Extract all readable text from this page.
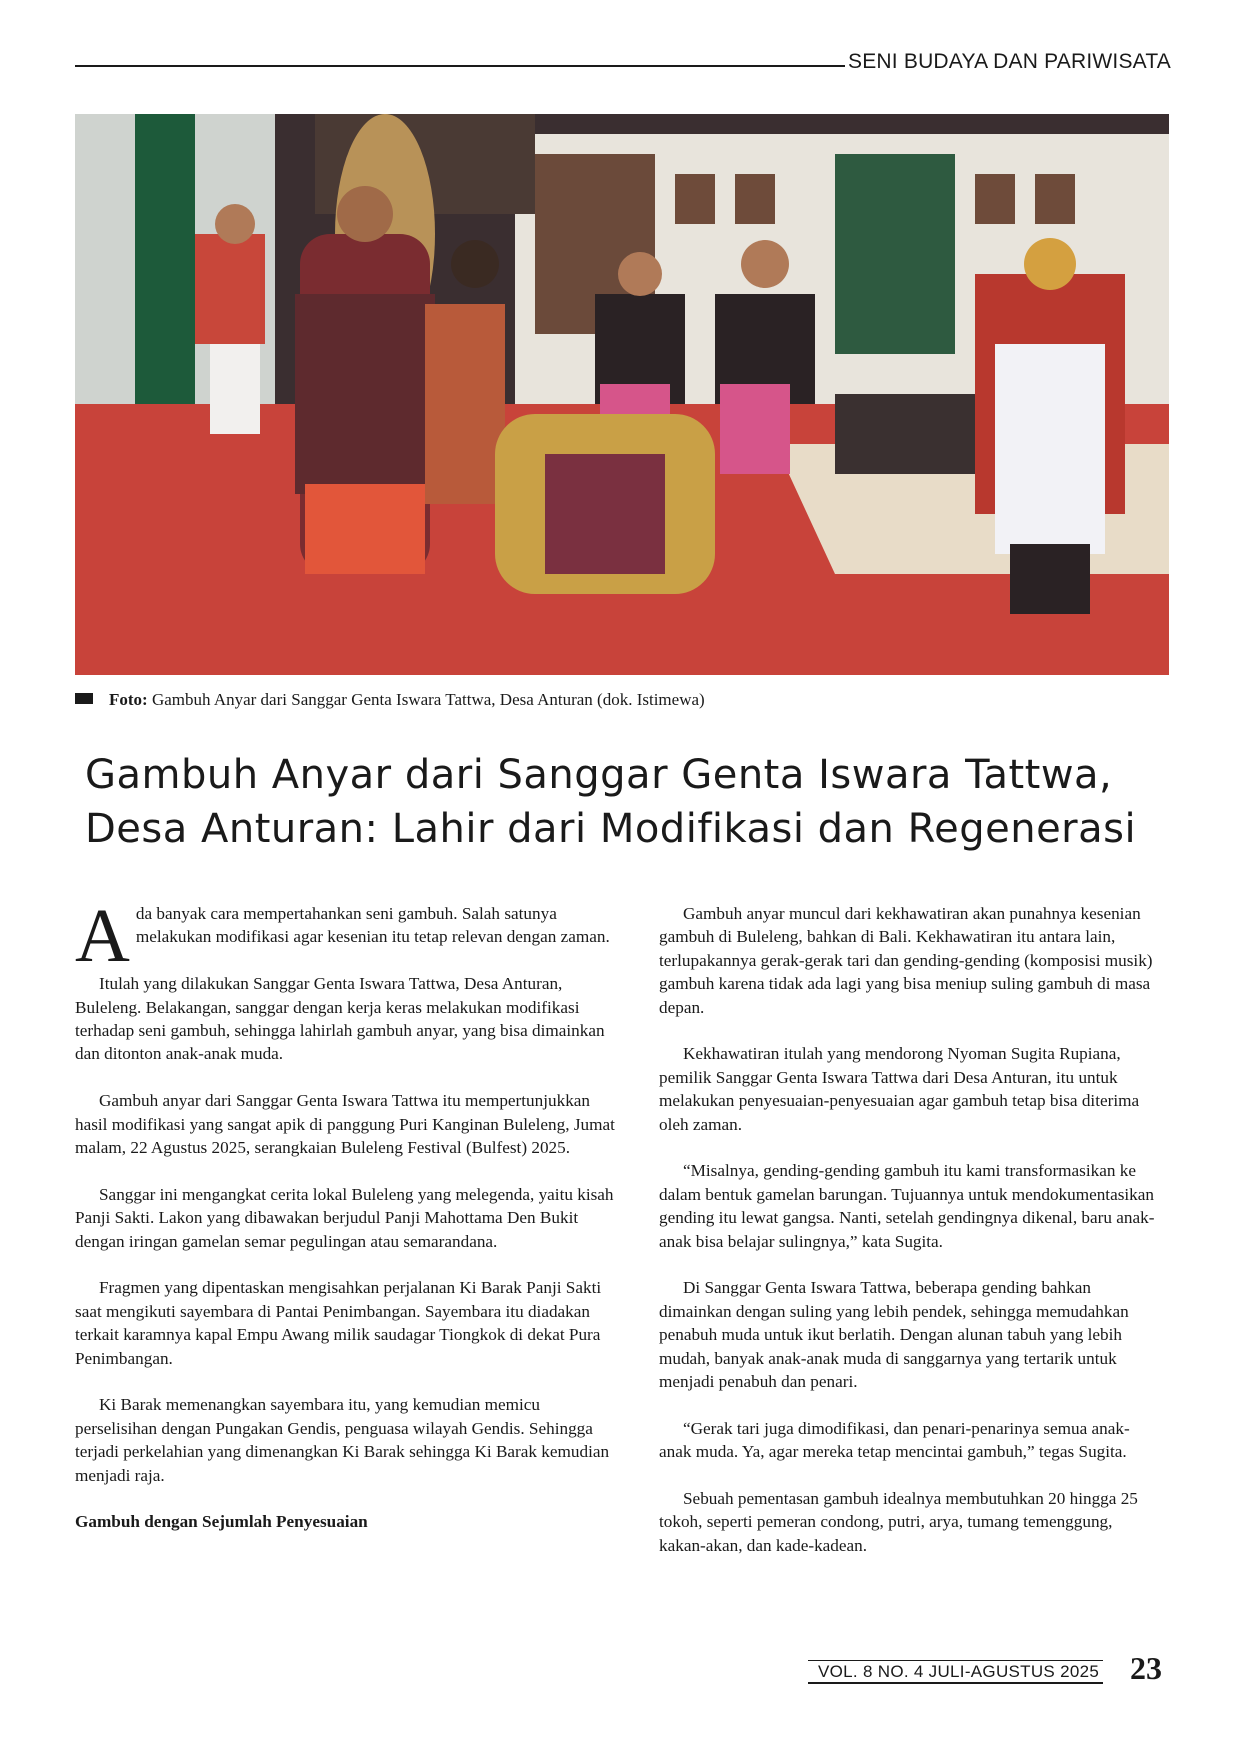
SENI BUDAYA DAN PARIWISATA
Foto: Gambuh Anyar dari Sanggar Genta Iswara Tattwa, Desa Anturan (dok. Istimewa)
Gambuh Anyar dari Sanggar Genta Iswara Tattwa,
Desa Anturan: Lahir dari Modifikasi dan Regenerasi

Ada banyak cara mempertahankan seni gambuh. Salah satunya melakukan modifikasi agar kesenian itu tetap relevan dengan zaman.

Itulah yang dilakukan Sanggar Genta Iswara Tattwa, Desa Anturan, Buleleng. Belakangan, sanggar dengan kerja keras melakukan modifikasi terhadap seni gambuh, sehingga lahirlah gambuh anyar, yang bisa dimainkan dan ditonton anak-anak muda.

Gambuh anyar dari Sanggar Genta Iswara Tattwa itu mempertunjukkan hasil modifikasi yang sangat apik di panggung Puri Kanginan Buleleng, Jumat malam, 22 Agustus 2025, serangkaian Buleleng Festival (Bulfest) 2025.

Sanggar ini mengangkat cerita lokal Buleleng yang melegenda, yaitu kisah Panji Sakti. Lakon yang dibawakan berjudul Panji Mahottama Den Bukit dengan iringan gamelan semar pegulingan atau semarandana.

Fragmen yang dipentaskan mengisahkan perjalanan Ki Barak Panji Sakti saat mengikuti sayembara di Pantai Penimbangan. Sayembara itu diadakan terkait karamnya kapal Empu Awang milik saudagar Tiongkok di dekat Pura Penimbangan.

Ki Barak memenangkan sayembara itu, yang kemudian memicu perselisihan dengan Pungakan Gendis, penguasa wilayah Gendis. Sehingga terjadi perkelahian yang dimenangkan Ki Barak sehingga Ki Barak kemudian menjadi raja.

Gambuh dengan Sejumlah Penyesuaian

Gambuh anyar muncul dari kekhawatiran akan punahnya kesenian gambuh di Buleleng, bahkan di Bali. Kekhawatiran itu antara lain, terlupakannya gerak-gerak tari dan gending-gending (komposisi musik) gambuh karena tidak ada lagi yang bisa meniup suling gambuh di masa depan.

Kekhawatiran itulah yang mendorong Nyoman Sugita Rupiana, pemilik Sanggar Genta Iswara Tattwa dari Desa Anturan, itu untuk melakukan penyesuaian-penyesuaian agar gambuh tetap bisa diterima oleh zaman.

“Misalnya, gending-gending gambuh itu kami transformasikan ke dalam bentuk gamelan barungan. Tujuannya untuk mendokumentasikan gending itu lewat gangsa. Nanti, setelah gendingnya dikenal, baru anak-anak bisa belajar sulingnya,” kata Sugita.

Di Sanggar Genta Iswara Tattwa, beberapa gending bahkan dimainkan dengan suling yang lebih pendek, sehingga memudahkan penabuh muda untuk ikut berlatih. Dengan alunan tabuh yang lebih mudah, banyak anak-anak muda di sanggarnya yang tertarik untuk menjadi penabuh dan penari.

“Gerak tari juga dimodifikasi, dan penari-penarinya semua anak-anak muda. Ya, agar mereka tetap mencintai gambuh,” tegas Sugita.

Sebuah pementasan gambuh idealnya membutuhkan 20 hingga 25 tokoh, seperti pemeran condong, putri, arya, tumang temenggung, kakan-akan, dan kade-kadean.

VOL. 8 NO. 4 JULI-AGUSTUS 2025 23
